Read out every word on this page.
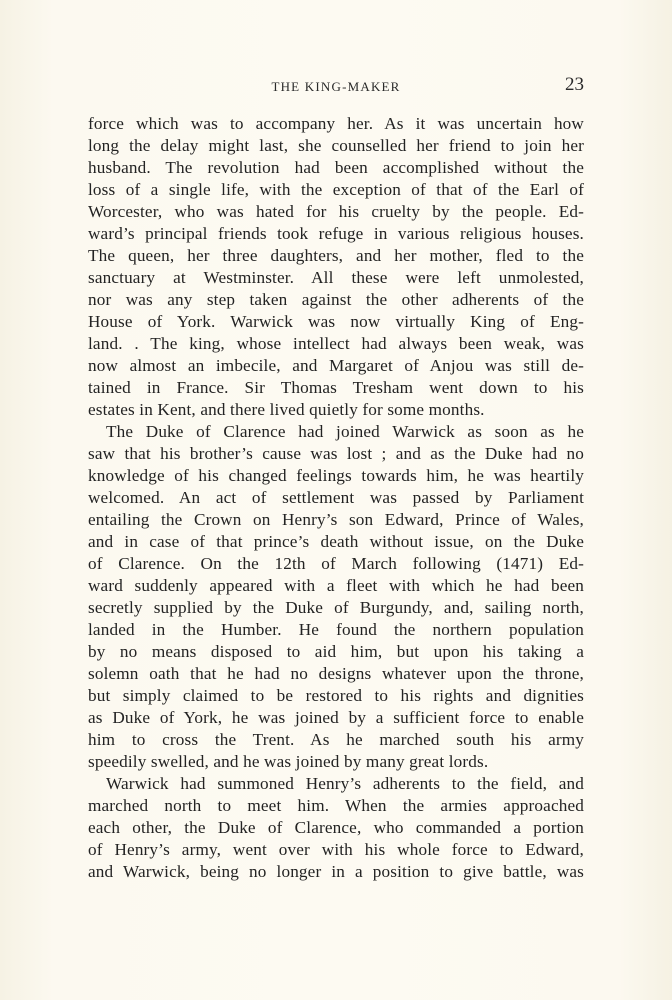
THE KING-MAKER	23
force which was to accompany her. As it was uncertain how
long the delay might last, she counselled her friend to join her
husband. The revolution had been accomplished without the
loss of a single life, with the exception of that of the Earl of
Worcester, who was hated for his cruelty by the people. Ed-
ward’s principal friends took refuge in various religious houses.
The queen, her three daughters, and her mother, fled to the
sanctuary at Westminster. All these were left unmolested,
nor was any step taken against the other adherents of the
House of York. Warwick was now virtually King of Eng-
land. . The king, whose intellect had always been weak, was
now almost an imbecile, and Margaret of Anjou was still de-
tained in France. Sir Thomas Tresham went down to his
estates in Kent, and there lived quietly for some months.
The Duke of Clarence had joined Warwick as soon as he
saw that his brother’s cause was lost ; and as the Duke had no
knowledge of his changed feelings towards him, he was heartily
welcomed. An act of settlement was passed by Parliament
entailing the Crown on Henry’s son Edward, Prince of Wales,
and in case of that prince’s death without issue, on the Duke
of Clarence. On the 12th of March following (1471) Ed-
ward suddenly appeared with a fleet with which he had been
secretly supplied by the Duke of Burgundy, and, sailing north,
landed in the Humber. He found the northern population
by no means disposed to aid him, but upon his taking a
solemn oath that he had no designs whatever upon the throne,
but simply claimed to be restored to his rights and dignities
as Duke of York, he was joined by a sufficient force to enable
him to cross the Trent. As he marched south his army
speedily swelled, and he was joined by many great lords.
Warwick had summoned Henry’s adherents to the field, and
marched north to meet him. When the armies approached
each other, the Duke of Clarence, who commanded a portion
of Henry’s army, went over with his whole force to Edward,
and Warwick, being no longer in a position to give battle, was
